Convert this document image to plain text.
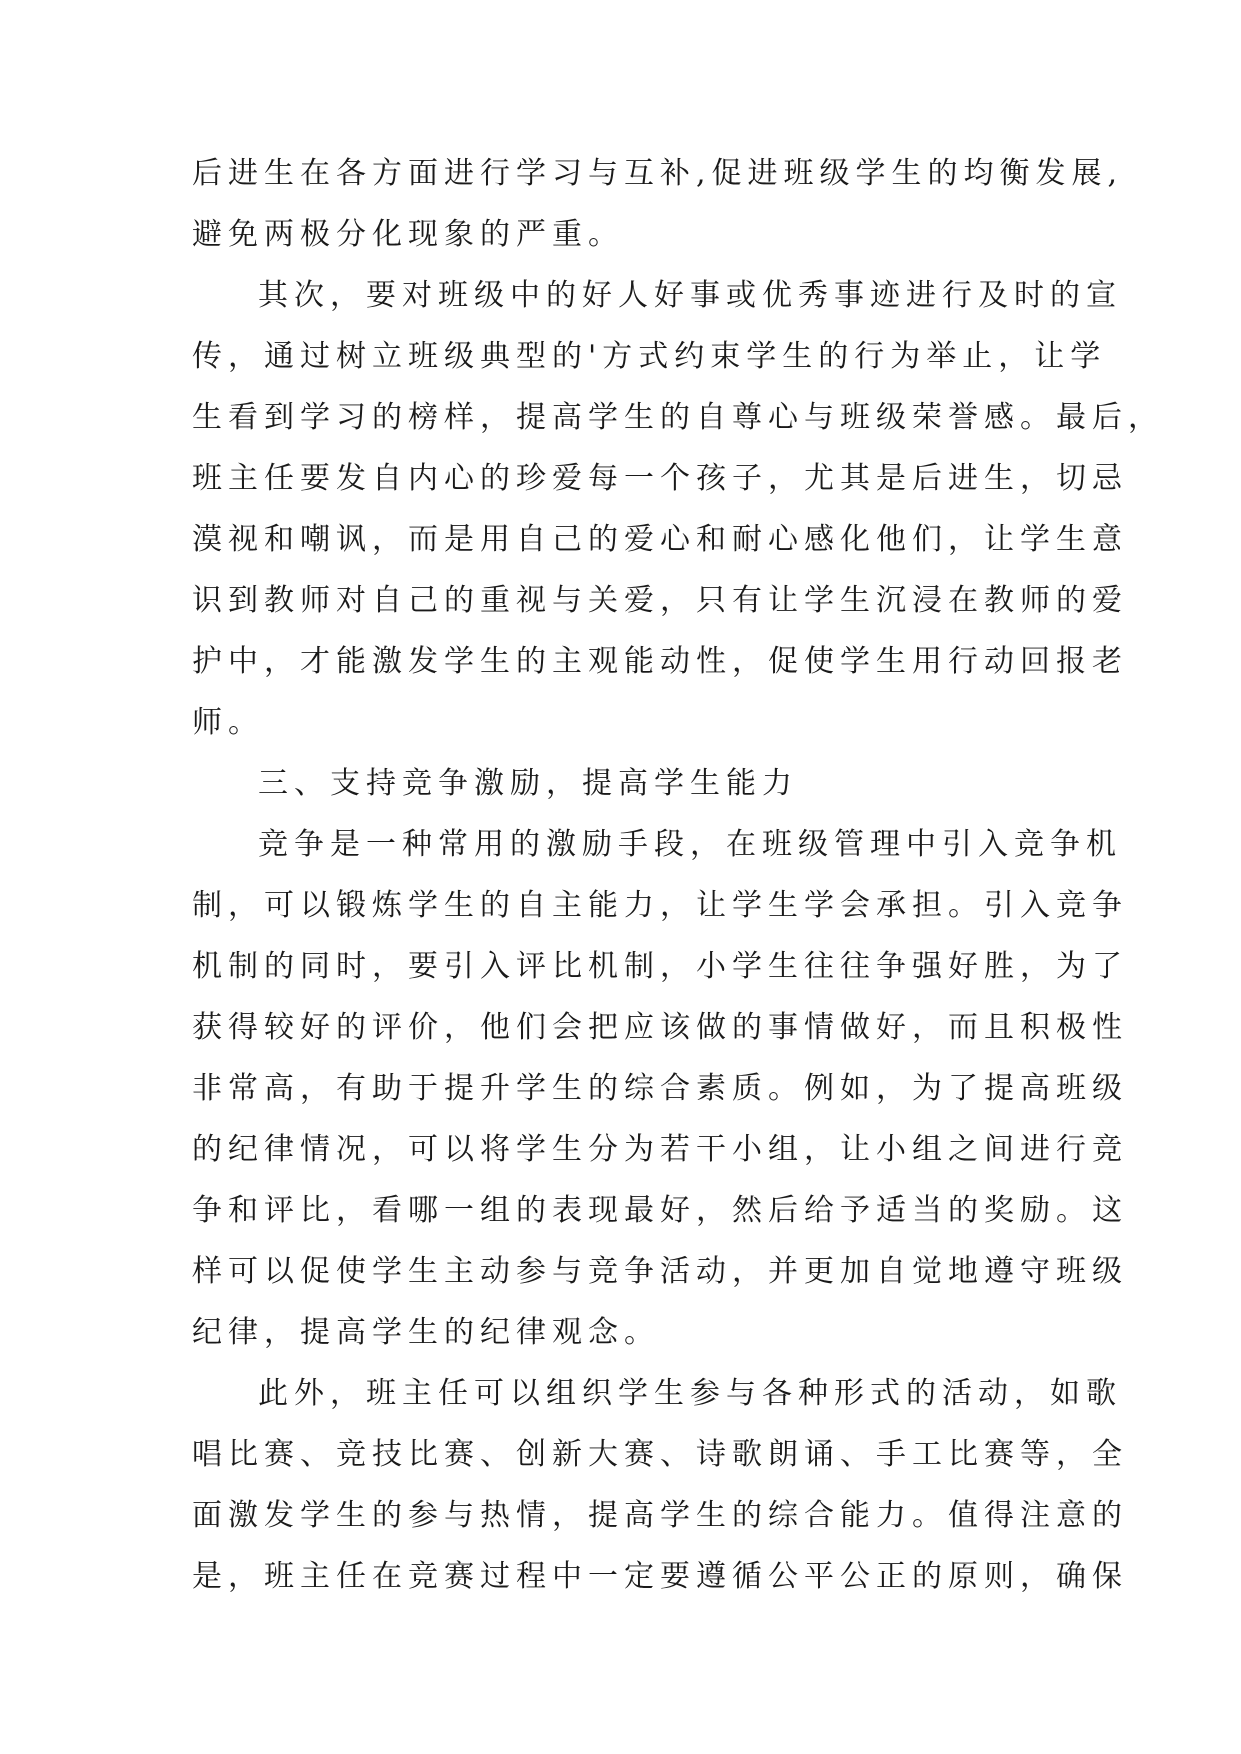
后进生在各方面进行学习与互补,促进班级学生的均衡发展,
避免两极分化现象的严重。
其次，要对班级中的好人好事或优秀事迹进行及时的宣
传，通过树立班级典型的'方式约束学生的行为举止，让学
生看到学习的榜样，提高学生的自尊心与班级荣誉感。最后，
班主任要发自内心的珍爱每一个孩子，尤其是后进生，切忌
漠视和嘲讽，而是用自己的爱心和耐心感化他们，让学生意
识到教师对自己的重视与关爱，只有让学生沉浸在教师的爱
护中，才能激发学生的主观能动性，促使学生用行动回报老
师。
三、支持竞争激励，提高学生能力
竞争是一种常用的激励手段，在班级管理中引入竞争机
制，可以锻炼学生的自主能力，让学生学会承担。引入竞争
机制的同时，要引入评比机制，小学生往往争强好胜，为了
获得较好的评价，他们会把应该做的事情做好，而且积极性
非常高，有助于提升学生的综合素质。例如，为了提高班级
的纪律情况，可以将学生分为若干小组，让小组之间进行竞
争和评比，看哪一组的表现最好，然后给予适当的奖励。这
样可以促使学生主动参与竞争活动，并更加自觉地遵守班级
纪律，提高学生的纪律观念。
此外，班主任可以组织学生参与各种形式的活动，如歌
唱比赛、竞技比赛、创新大赛、诗歌朗诵、手工比赛等，全
面激发学生的参与热情，提高学生的综合能力。值得注意的
是，班主任在竞赛过程中一定要遵循公平公正的原则，确保
